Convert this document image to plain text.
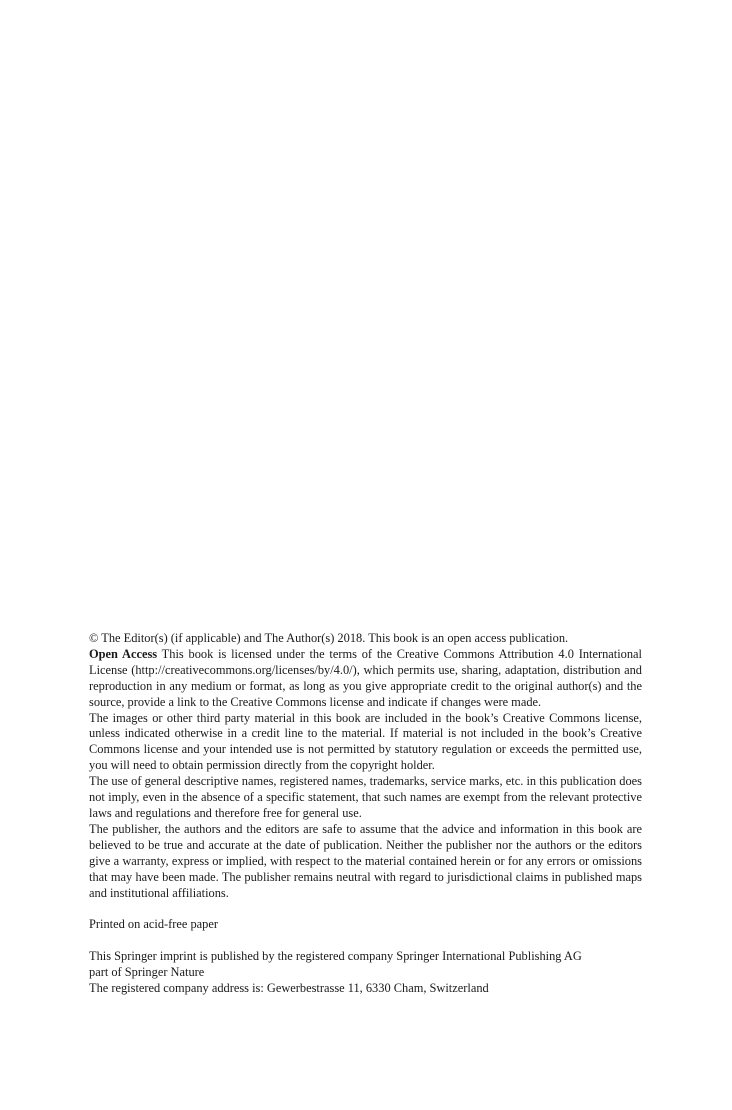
© The Editor(s) (if applicable) and The Author(s) 2018. This book is an open access publication.

Open Access This book is licensed under the terms of the Creative Commons Attribution 4.0 International License (http://creativecommons.org/licenses/by/4.0/), which permits use, sharing, adaptation, distribution and reproduction in any medium or format, as long as you give appropriate credit to the original author(s) and the source, provide a link to the Creative Commons license and indicate if changes were made.

The images or other third party material in this book are included in the book’s Creative Commons license, unless indicated otherwise in a credit line to the material. If material is not included in the book’s Creative Commons license and your intended use is not permitted by statutory regulation or exceeds the permitted use, you will need to obtain permission directly from the copyright holder.

The use of general descriptive names, registered names, trademarks, service marks, etc. in this publication does not imply, even in the absence of a specific statement, that such names are exempt from the relevant protective laws and regulations and therefore free for general use.

The publisher, the authors and the editors are safe to assume that the advice and information in this book are believed to be true and accurate at the date of publication. Neither the publisher nor the authors or the editors give a warranty, express or implied, with respect to the material contained herein or for any errors or omissions that may have been made. The publisher remains neutral with regard to jurisdictional claims in published maps and institutional affiliations.

Printed on acid-free paper

This Springer imprint is published by the registered company Springer International Publishing AG

part of Springer Nature

The registered company address is: Gewerbestrasse 11, 6330 Cham, Switzerland
